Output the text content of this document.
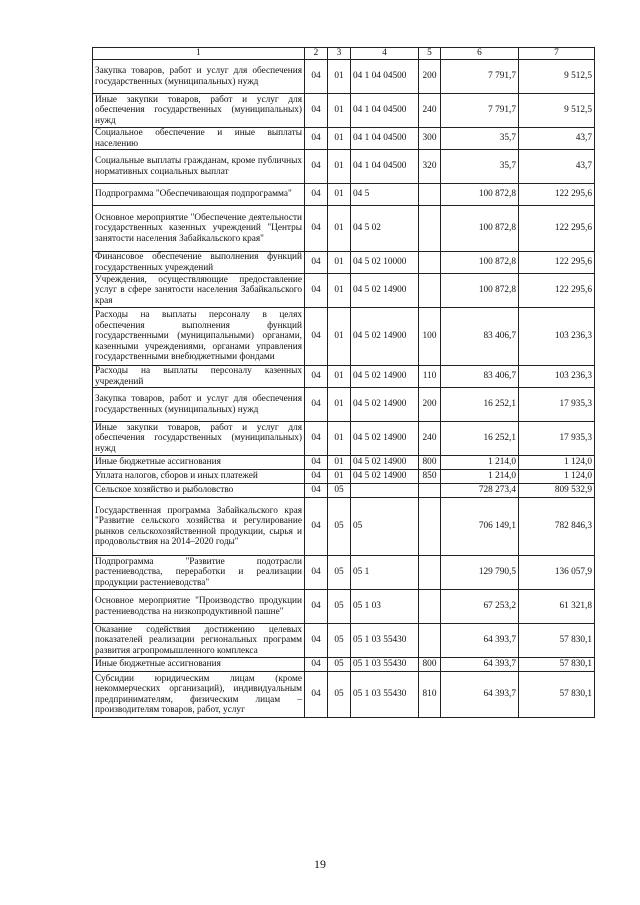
1	2	3	4	5	6	7
Закупка товаров, работ и услуг для обеспечения государственных (муниципальных) нужд	04	01	04 1 04 04500	200	7 791,7	9 512,5
Иные закупки товаров, работ и услуг для обеспечения государственных (муниципальных) нужд	04	01	04 1 04 04500	240	7 791,7	9 512,5
Социальное обеспечение и иные выплаты населению	04	01	04 1 04 04500	300	35,7	43,7
Социальные выплаты гражданам, кроме публичных нормативных социальных выплат	04	01	04 1 04 04500	320	35,7	43,7
Подпрограмма "Обеспечивающая подпрограмма"	04	01	04 5		100 872,8	122 295,6
Основное мероприятие "Обеспечение деятельности государственных казенных учреждений "Центры занятости населения Забайкальского края"	04	01	04 5 02		100 872,8	122 295,6
Финансовое обеспечение выполнения функций государственных учреждений	04	01	04 5 02 10000		100 872,8	122 295,6
Учреждения, осуществляющие предоставление услуг в сфере занятости населения Забайкальского края	04	01	04 5 02 14900		100 872,8	122 295,6
Расходы на выплаты персоналу в целях обеспечения выполнения функций государственными (муниципальными) органами, казенными учреждениями, органами управления государственными внебюджетными фондами	04	01	04 5 02 14900	100	83 406,7	103 236,3
Расходы на выплаты персоналу казенных учреждений	04	01	04 5 02 14900	110	83 406,7	103 236,3
Закупка товаров, работ и услуг для обеспечения государственных (муниципальных) нужд	04	01	04 5 02 14900	200	16 252,1	17 935,3
Иные закупки товаров, работ и услуг для обеспечения государственных (муниципальных) нужд	04	01	04 5 02 14900	240	16 252,1	17 935,3
Иные бюджетные ассигнования	04	01	04 5 02 14900	800	1 214,0	1 124,0
Уплата налогов, сборов и иных платежей	04	01	04 5 02 14900	850	1 214,0	1 124,0
Сельское хозяйство и рыболовство	04	05			728 273,4	809 532,9
Государственная программа Забайкальского края "Развитие сельского хозяйства и регулирование рынков сельскохозяйственной продукции, сырья и продовольствия на 2014–2020 годы"	04	05	05		706 149,1	782 846,3
Подпрограмма "Развитие подотрасли растениеводства, переработки и реализации продукции растениеводства"	04	05	05 1		129 790,5	136 057,9
Основное мероприятие "Производство продукции растениеводства на низкопродуктивной пашне"	04	05	05 1 03		67 253,2	61 321,8
Оказание содействия достижению целевых показателей реализации региональных программ развития агропромышленного комплекса	04	05	05 1 03 55430		64 393,7	57 830,1
Иные бюджетные ассигнования	04	05	05 1 03 55430	800	64 393,7	57 830,1
Субсидии юридическим лицам (кроме некоммерческих организаций), индивидуальным предпринимателям, физическим лицам – производителям товаров, работ, услуг	04	05	05 1 03 55430	810	64 393,7	57 830,1
19
